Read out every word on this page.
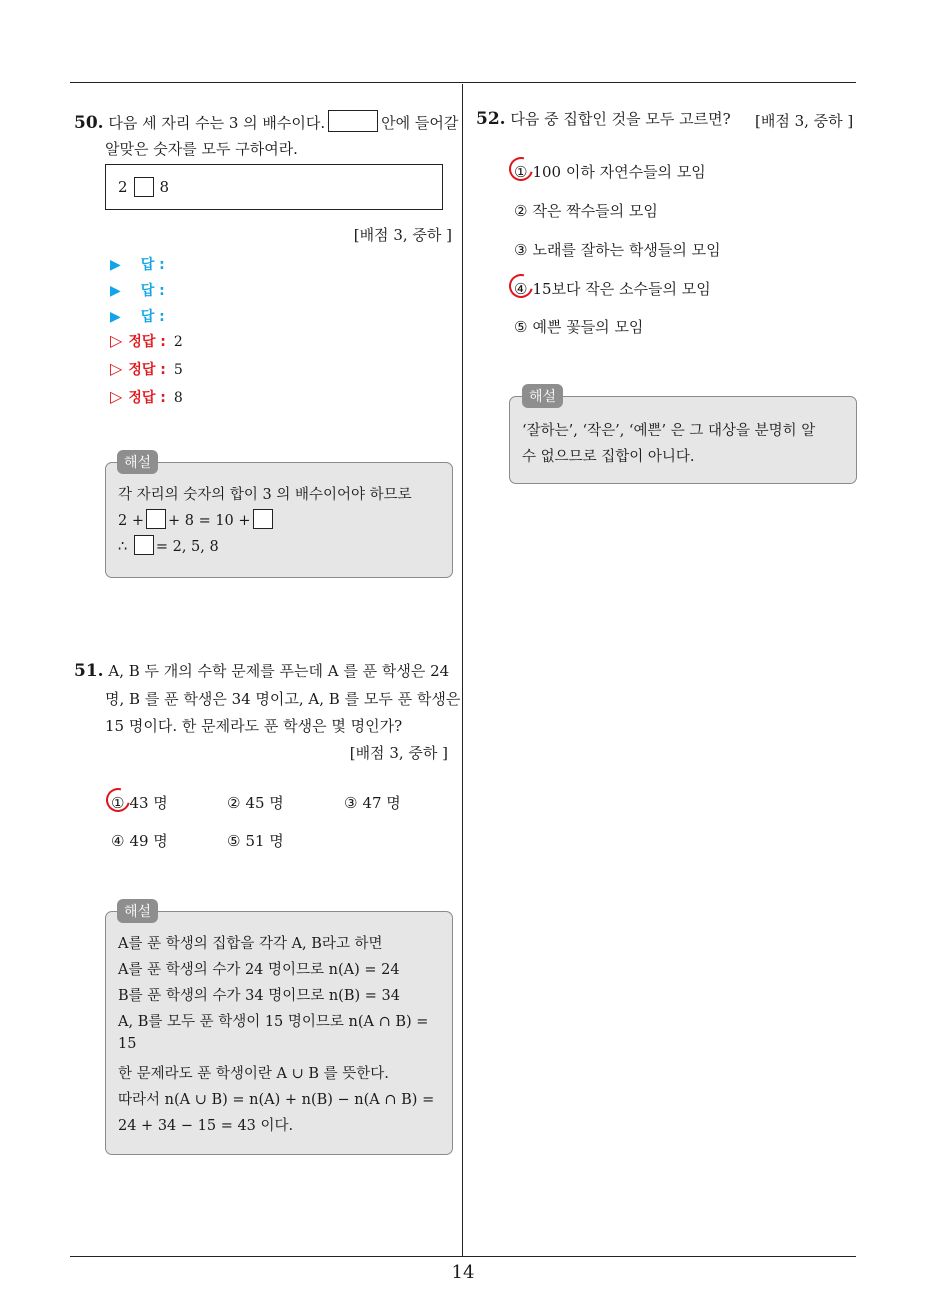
50. 다음 세 자리 수는 3 의 배수이다.	안에 들어갈
알맞은 숫자를 모두 구하여라.
2 8
[배점 3, 중하 ]
▶ 답 :
▶ 답 :
▶ 답 :
▷ 정답 : 2
▷ 정답 : 5
▷ 정답 : 8
각 자리의 숫자의 합이 3 의 배수이어야 하므로
2 + + 8 = 10 +
∴ = 2, 5, 8
해설
51. A, B 두 개의 수학 문제를 푸는데 A 를 푼 학생은 24
명, B 를 푼 학생은 34 명이고, A, B 를 모두 푼 학생은
15 명이다. 한 문제라도 푼 학생은 몇 명인가?
[배점 3, 중하 ]
① 43 명	② 45 명	③ 47 명
④ 49 명	⑤ 51 명
A를 푼 학생의 집합을 각각 A, B라고 하면
A를 푼 학생의 수가 24 명이므로 n(A) = 24
B를 푼 학생의 수가 34 명이므로 n(B) = 34
A, B를 모두 푼 학생이 15 명이므로 n(A ∩ B) =
15
한 문제라도 푼 학생이란 A ∪ B 를 뜻한다.
따라서 n(A ∪ B) = n(A) + n(B) − n(A ∩ B) =
24 + 34 − 15 = 43 이다.
해설
52. 다음 중 집합인 것을 모두 고르면? [배점 3, 중하 ]
① 100 이하 자연수들의 모임
② 작은 짝수들의 모임
③ 노래를 잘하는 학생들의 모임
④ 15보다 작은 소수들의 모임
⑤ 예쁜 꽃들의 모임
‘잘하는’, ‘작은’, ‘예쁜’ 은 그 대상을 분명히 알
수 없으므로 집합이 아니다.
해설
14
